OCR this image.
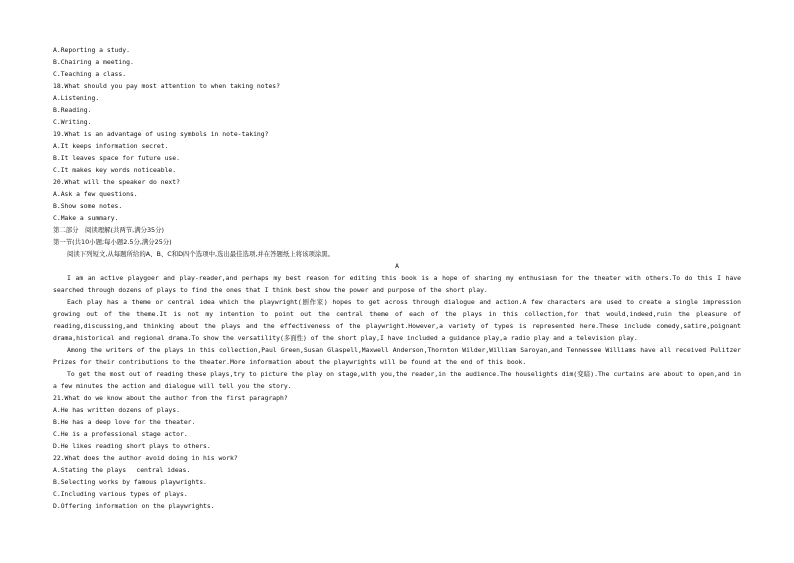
A.Reporting a study.
B.Chairing a meeting.
C.Teaching a class.
18.What should you pay most attention to when taking notes?
A.Listening.
B.Reading.
C.Writing.
19.What is an advantage of using symbols in note-taking?
A.It keeps information secret.
B.It leaves space for future use.
C.It makes key words noticeable.
20.What will the speaker do next?
A.Ask a few questions.
B.Show some notes.
C.Make a summary.
第二部分　阅读理解(共两节,满分35分)
第一节(共10小题;每小题2.5分,满分25分)
阅读下列短文,从每题所给的A、B、C和D四个选项中,选出最佳选项,并在答题纸上将该项涂黑。
A
I am an active playgoer and play-reader,and perhaps my best reason for editing this book is a hope of sharing my enthusiasm for the theater with others.To do this I have searched through dozens of plays to find the ones that I think best show the power and purpose of the short play.
Each play has a theme or central idea which the playwright(剧作家) hopes to get across through dialogue and action.A few characters are used to create a single impression growing out of the theme.It is not my intention to point out the central theme of each of the plays in this collection,for that would,indeed,ruin the pleasure of reading,discussing,and thinking about the plays and the effectiveness of the playwright.However,a variety of types is represented here.These include comedy,satire,poignant drama,historical and regional drama.To show the versatility(多面性) of the short play,I have included a guidance play,a radio play and a television play.
Among the writers of the plays in this collection,Paul Green,Susan Glaspell,Maxwell Anderson,Thornton Wilder,William Saroyan,and Tennessee Williams have all received Pulitzer Prizes for their contributions to the theater.More information about the playwrights will be found at the end of this book.
To get the most out of reading these plays,try to picture the play on stage,with you,the reader,in the audience.The houselights dim(变暗).The curtains are about to open,and in a few minutes the action and dialogue will tell you the story.
21.What do we know about the author from the first paragraph?
A.He has written dozens of plays.
B.He has a deep love for the theater.
C.He is a professional stage actor.
D.He likes reading short plays to others.
22.What does the author avoid doing in his work?
A.Stating the plays　 central ideas.
B.Selecting works by famous playwrights.
C.Including various types of plays.
D.Offering information on the playwrights.
